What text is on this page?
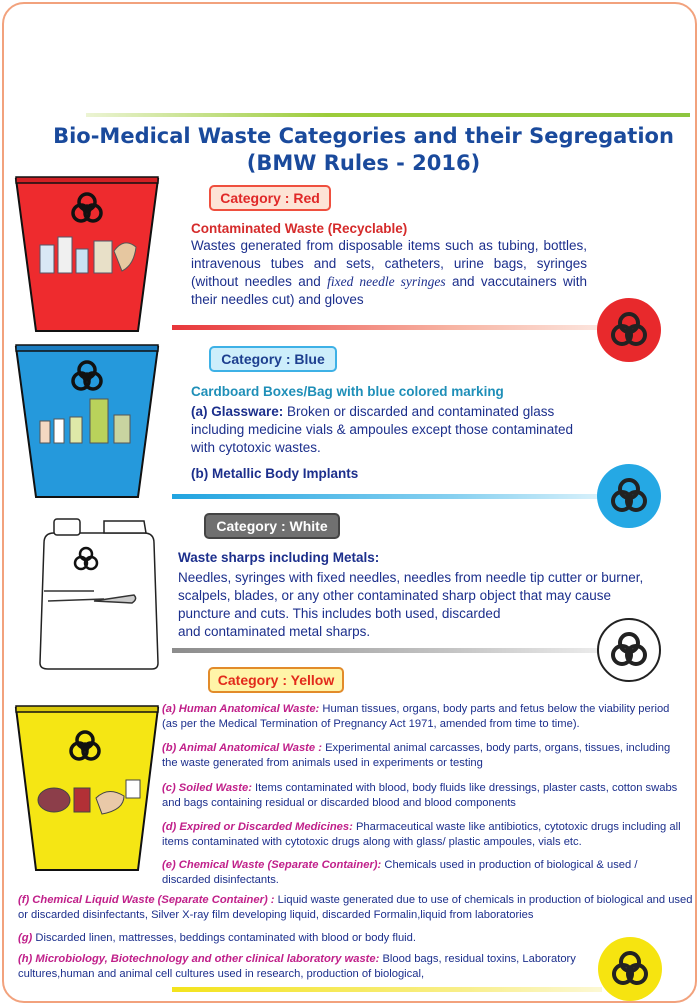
Bio-Medical Waste Categories and their Segregation
(BMW Rules - 2016)
Category : Red
Contaminated Waste (Recyclable)
Wastes generated from disposable items such as tubing, bottles, intravenous tubes and sets, catheters, urine bags, syringes (without needles and fixed needle syringes and vaccutainers with their needles cut) and gloves
Category : Blue
Cardboard Boxes/Bag with blue colored marking
(a) Glassware: Broken or discarded and contaminated glass including medicine vials & ampoules except those contaminated with cytotoxic wastes.
(b) Metallic Body Implants
Category : White
Waste sharps including Metals:
Needles, syringes with fixed needles, needles from needle tip cutter or burner, scalpels, blades, or any other contaminated sharp object that may cause puncture and cuts. This includes both used, discarded
and contaminated metal sharps.
Category : Yellow
(a) Human Anatomical Waste: Human tissues, organs, body parts and fetus below the viability period (as per the Medical Termination of Pregnancy Act 1971, amended from time to time).
(b) Animal Anatomical Waste : Experimental animal carcasses, body parts, organs, tissues, including the waste generated from animals used in experiments or testing
(c) Soiled Waste: Items contaminated with blood, body fluids like dressings, plaster casts, cotton swabs and bags containing residual or discarded blood and blood components
(d) Expired or Discarded Medicines: Pharmaceutical waste like antibiotics, cytotoxic drugs including all items contaminated with cytotoxic drugs along with glass/ plastic ampoules, vials etc.
(e) Chemical Waste (Separate Container): Chemicals used in production of biological & used / discarded disinfectants.
(f) Chemical Liquid Waste (Separate Container) : Liquid waste generated due to use of chemicals in production of biological and used or discarded disinfectants, Silver X-ray film developing liquid, discarded Formalin,liquid from laboratories
(g) Discarded linen, mattresses, beddings contaminated with blood or body fluid.
(h) Microbiology, Biotechnology and other clinical laboratory waste: Blood bags, residual toxins, Laboratory cultures,human and animal cell cultures used in research, production of biological,
